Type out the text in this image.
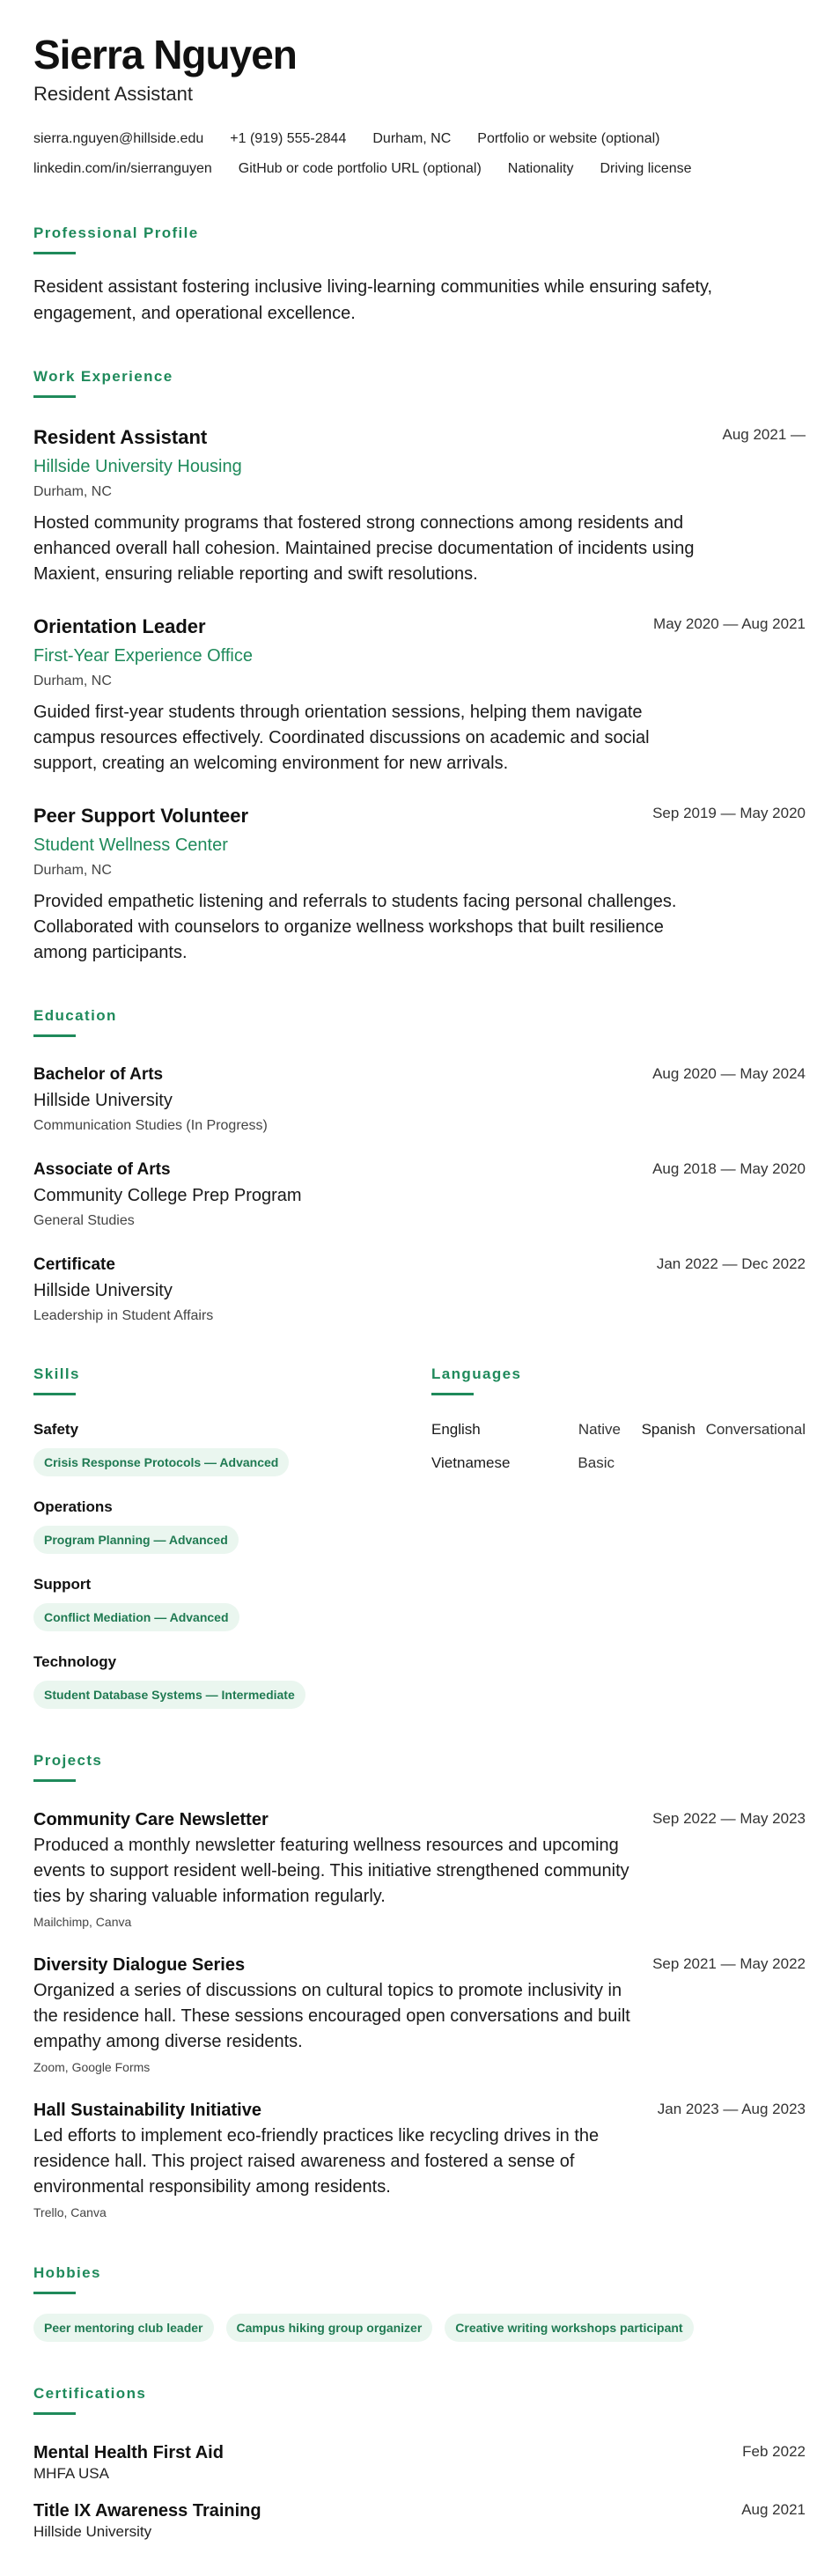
Sierra Nguyen
Resident Assistant
sierra.nguyen@hillside.edu +1 (919) 555-2844 Durham, NC Portfolio or website (optional)
linkedin.com/in/sierranguyen GitHub or code portfolio URL (optional) Nationality Driving license
Professional Profile
Resident assistant fostering inclusive living-learning communities while ensuring safety, engagement, and operational excellence.
Work Experience
Resident Assistant
Hillside University Housing
Durham, NC
Hosted community programs that fostered strong connections among residents and enhanced overall hall cohesion. Maintained precise documentation of incidents using Maxient, ensuring reliable reporting and swift resolutions.
Aug 2021 —
Orientation Leader
First-Year Experience Office
Durham, NC
Guided first-year students through orientation sessions, helping them navigate campus resources effectively. Coordinated discussions on academic and social support, creating an welcoming environment for new arrivals.
May 2020 — Aug 2021
Peer Support Volunteer
Student Wellness Center
Durham, NC
Provided empathetic listening and referrals to students facing personal challenges. Collaborated with counselors to organize wellness workshops that built resilience among participants.
Sep 2019 — May 2020
Education
Bachelor of Arts
Hillside University
Communication Studies (In Progress)
Aug 2020 — May 2024
Associate of Arts
Community College Prep Program
General Studies
Aug 2018 — May 2020
Certificate
Hillside University
Leadership in Student Affairs
Jan 2022 — Dec 2022
Skills
Safety
Crisis Response Protocols — Advanced
Operations
Program Planning — Advanced
Support
Conflict Mediation — Advanced
Technology
Student Database Systems — Intermediate
Languages
English	Native	Spanish Conversational
Vietnamese	Basic
Projects
Community Care Newsletter
Produced a monthly newsletter featuring wellness resources and upcoming events to support resident well-being. This initiative strengthened community ties by sharing valuable information regularly.
Mailchimp, Canva
Sep 2022 — May 2023
Diversity Dialogue Series
Organized a series of discussions on cultural topics to promote inclusivity in the residence hall. These sessions encouraged open conversations and built empathy among diverse residents.
Zoom, Google Forms
Sep 2021 — May 2022
Hall Sustainability Initiative
Led efforts to implement eco-friendly practices like recycling drives in the residence hall. This project raised awareness and fostered a sense of environmental responsibility among residents.
Trello, Canva
Jan 2023 — Aug 2023
Hobbies
Peer mentoring club leader	Campus hiking group organizer	Creative writing workshops participant
Certifications
Mental Health First Aid
MHFA USA
Feb 2022
Title IX Awareness Training
Hillside University
Aug 2021
